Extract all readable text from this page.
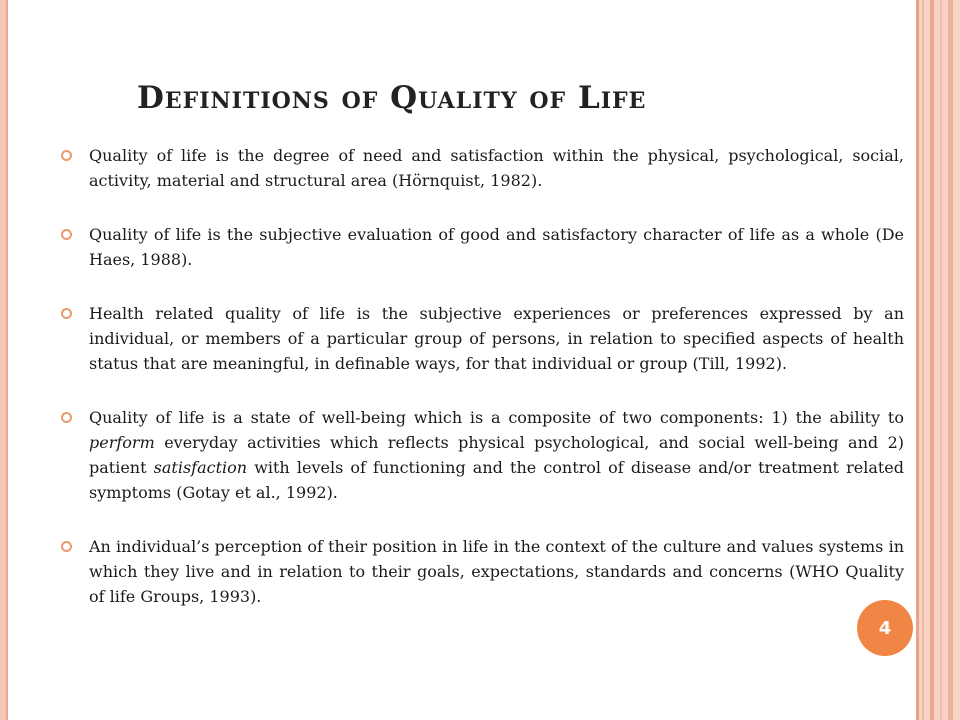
Definitions of Quality of Life
Quality of life is the degree of need and satisfaction within the physical, psychological, social, activity, material and structural area (Hörnquist, 1982).
Quality of life is the subjective evaluation of good and satisfactory character of life as a whole (De Haes, 1988).
Health related quality of life is the subjective experiences or preferences expressed by an individual, or members of a particular group of persons, in relation to specified aspects of health status that are meaningful, in definable ways, for that individual or group (Till, 1992).
Quality of life is a state of well-being which is a composite of two components: 1) the ability to perform everyday activities which reflects physical psychological, and social well-being and 2) patient satisfaction with levels of functioning and the control of disease and/or treatment related symptoms (Gotay et al., 1992).
An individual’s perception of their position in life in the context of the culture and values systems in which they live and in relation to their goals, expectations, standards and concerns (WHO Quality of life Groups, 1993).
4
